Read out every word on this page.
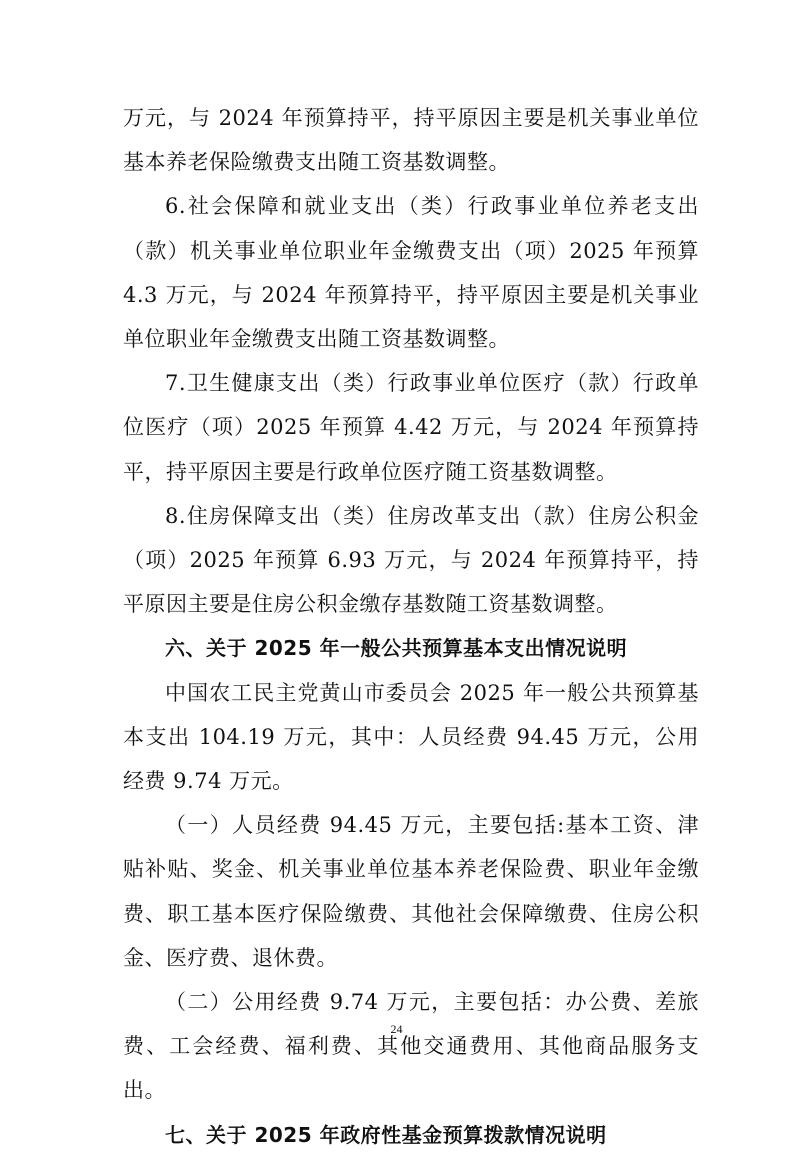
万元，与 2024 年预算持平，持平原因主要是机关事业单位基本养老保险缴费支出随工资基数调整。

6.社会保障和就业支出（类）行政事业单位养老支出（款）机关事业单位职业年金缴费支出（项）2025 年预算 4.3 万元，与 2024 年预算持平，持平原因主要是机关事业单位职业年金缴费支出随工资基数调整。

7.卫生健康支出（类）行政事业单位医疗（款）行政单位医疗（项）2025 年预算 4.42 万元，与 2024 年预算持平，持平原因主要是行政单位医疗随工资基数调整。

8.住房保障支出（类）住房改革支出（款）住房公积金（项）2025 年预算 6.93 万元，与 2024 年预算持平，持平原因主要是住房公积金缴存基数随工资基数调整。

六、关于 2025 年一般公共预算基本支出情况说明

中国农工民主党黄山市委员会 2025 年一般公共预算基本支出 104.19 万元，其中：人员经费 94.45 万元，公用经费 9.74 万元。

（一）人员经费 94.45 万元，主要包括:基本工资、津贴补贴、奖金、机关事业单位基本养老保险费、职业年金缴费、职工基本医疗保险缴费、其他社会保障缴费、住房公积金、医疗费、退休费。

（二）公用经费 9.74 万元，主要包括：办公费、差旅费、工会经费、福利费、其他交通费用、其他商品服务支出。

七、关于 2025 年政府性基金预算拨款情况说明
24
